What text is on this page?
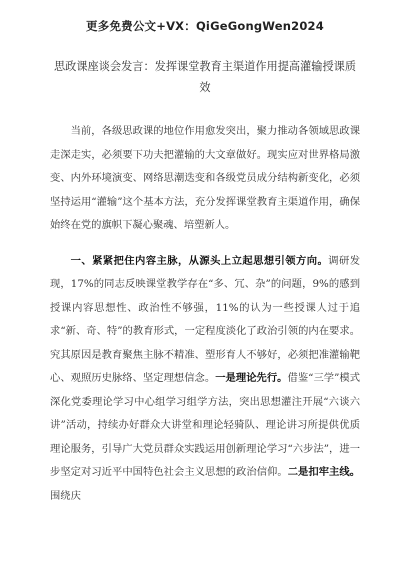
更多免费公文+VX：QiGeGongWen2024
思政课座谈会发言：发挥课堂教育主渠道作用提高灌输授课质效

当前，各级思政课的地位作用愈发突出，聚力推动各领域思政课走深走实，必须要下功夫把灌输的大文章做好。现实应对世界格局激变、内外环境演变、网络思潮迭变和各级党员成分结构新变化，必须坚持运用“灌输”这个基本方法，充分发挥课堂教育主渠道作用，确保始终在党的旗帜下凝心聚魂、培塑新人。

一、紧紧把住内容主脉，从源头上立起思想引领方向。调研发现，17%的同志反映课堂教学存在“多、冗、杂”的问题，9%的感到授课内容思想性、政治性不够强，11%的认为一些授课人过于追求“新、奇、特”的教育形式，一定程度淡化了政治引领的内在要求。究其原因是教育聚焦主脉不精准、塑形育人不够好，必须把准灌输靶心、观照历史脉络、坚定理想信念。一是理论先行。借鉴“三学”模式深化党委理论学习中心组学习组学方法，突出思想灌注开展“六谈六讲”活动，持续办好群众大讲堂和理论轻骑队、理论讲习所提供优质理论服务，引导广大党员群众实践运用创新理论学习“六步法”，进一步坚定对习近平中国特色社会主义思想的政治信仰。二是扣牢主线。围绕庆
